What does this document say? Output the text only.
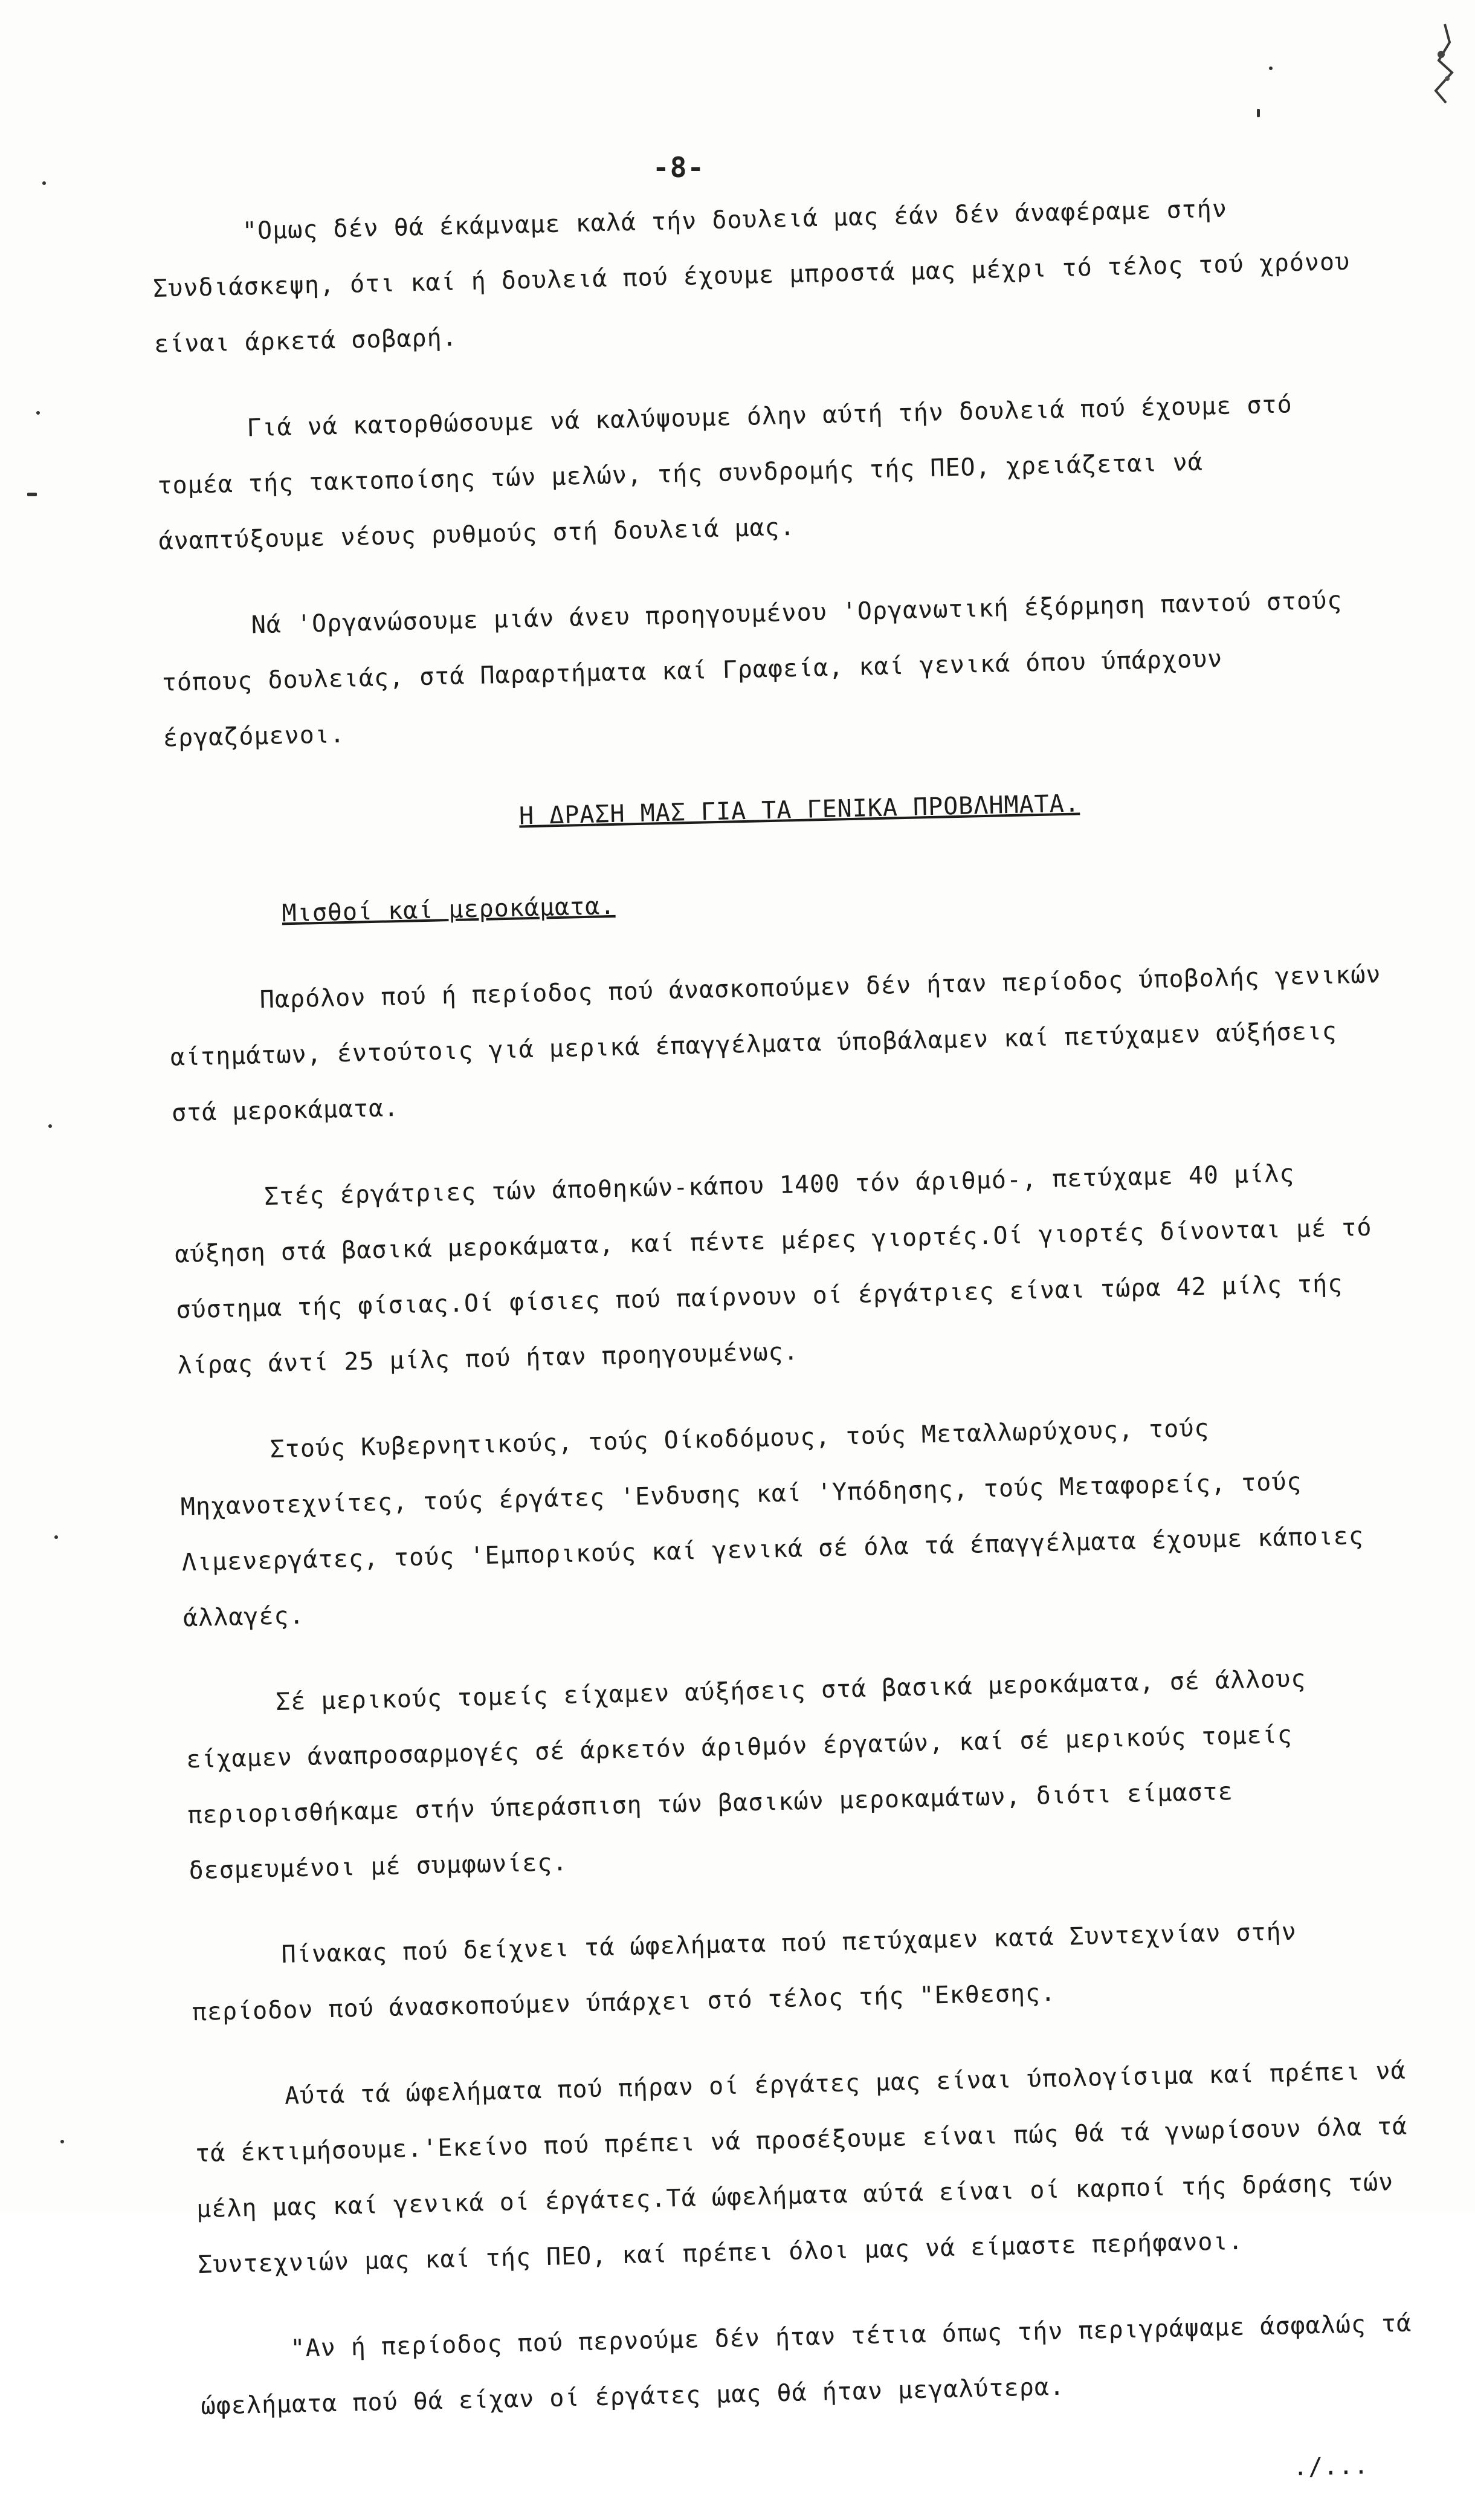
-8-

"Ομως δέν θά έκάμναμε καλά τήν δουλειά μας έάν δέν άναφέραμε στήν Συνδιάσκεψη, ότι καί ή δουλειά πού έχουμε μπροστά μας μέχρι τό τέλος τού χρόνου είναι άρκετά σοβαρή.

Γιά νά κατορθώσουμε νά καλύψουμε όλην αύτή τήν δουλειά πού έχουμε στό τομέα τής τακτοποίσης τών μελών, τής συνδρομής τής ΠΕΟ, χρειάζεται νά άναπτύξουμε νέους ρυθμούς στή δουλειά μας.

Νά 'Οργανώσουμε μιάν άνευ προηγουμένου 'Οργανωτική έξόρμηση παντού στούς τόπους δουλειάς, στά Παραρτήματα καί Γραφεία, καί γενικά όπου ύπάρχουν έργαζόμενοι.

Η ΔΡΑΣΗ ΜΑΣ ΓΙΑ ΤΑ ΓΕΝΙΚΑ ΠΡΟΒΛΗΜΑΤΑ.

Μισθοί καί μεροκάματα.

Παρόλον πού ή περίοδος πού άνασκοπούμεν δέν ήταν περίοδος ύποβολής γενικών αίτημάτων, έντούτοις γιά μερικά έπαγγέλματα ύποβάλαμεν καί πετύχαμεν αύξήσεις στά μεροκάματα.

Στές έργάτριες τών άποθηκών-κάπου 1400 τόν άριθμό-, πετύχαμε 40 μίλς αύξηση στά βασικά μεροκάματα, καί πέντε μέρες γιορτές.Οί γιορτές δίνονται μέ τό σύστημα τής φίσιας.Οί φίσιες πού παίρνουν οί έργάτριες είναι τώρα 42 μίλς τής λίρας άντί 25 μίλς πού ήταν προηγουμένως.

Στούς Κυβερνητικούς, τούς Οίκοδόμους, τούς Μεταλλωρύχους, τούς Μηχανοτεχνίτες, τούς έργάτες 'Ενδυσης καί 'Υπόδησης, τούς Μεταφορείς, τούς Λιμενεργάτες, τούς 'Εμπορικούς καί γενικά σέ όλα τά έπαγγέλματα έχουμε κάποιες άλλαγές.

Σέ μερικούς τομείς είχαμεν αύξήσεις στά βασικά μεροκάματα, σέ άλλους είχαμεν άναπροσαρμογές σέ άρκετόν άριθμόν έργατών, καί σέ μερικούς τομείς περιορισθήκαμε στήν ύπεράσπιση τών βασικών μεροκαμάτων, διότι είμαστε δεσμευμένοι μέ συμφωνίες.

Πίνακας πού δείχνει τά ώφελήματα πού πετύχαμεν κατά Συντεχνίαν στήν περίοδον πού άνασκοπούμεν ύπάρχει στό τέλος τής "Εκθεσης.

Αύτά τά ώφελήματα πού πήραν οί έργάτες μας είναι ύπολογίσιμα καί πρέπει νά τά έκτιμήσουμε.'Εκείνο πού πρέπει νά προσέξουμε είναι πώς θά τά γνωρίσουν όλα τά μέλη μας καί γενικά οί έργάτες.Τά ώφελήματα αύτά είναι οί καρποί τής δράσης τών Συντεχνιών μας καί τής ΠΕΟ, καί πρέπει όλοι μας νά είμαστε περήφανοι.

"Αν ή περίοδος πού περνούμε δέν ήταν τέτια όπως τήν περιγράψαμε άσφαλώς τά ώφελήματα πού θά είχαν οί έργάτες μας θά ήταν μεγαλύτερα.

./...
